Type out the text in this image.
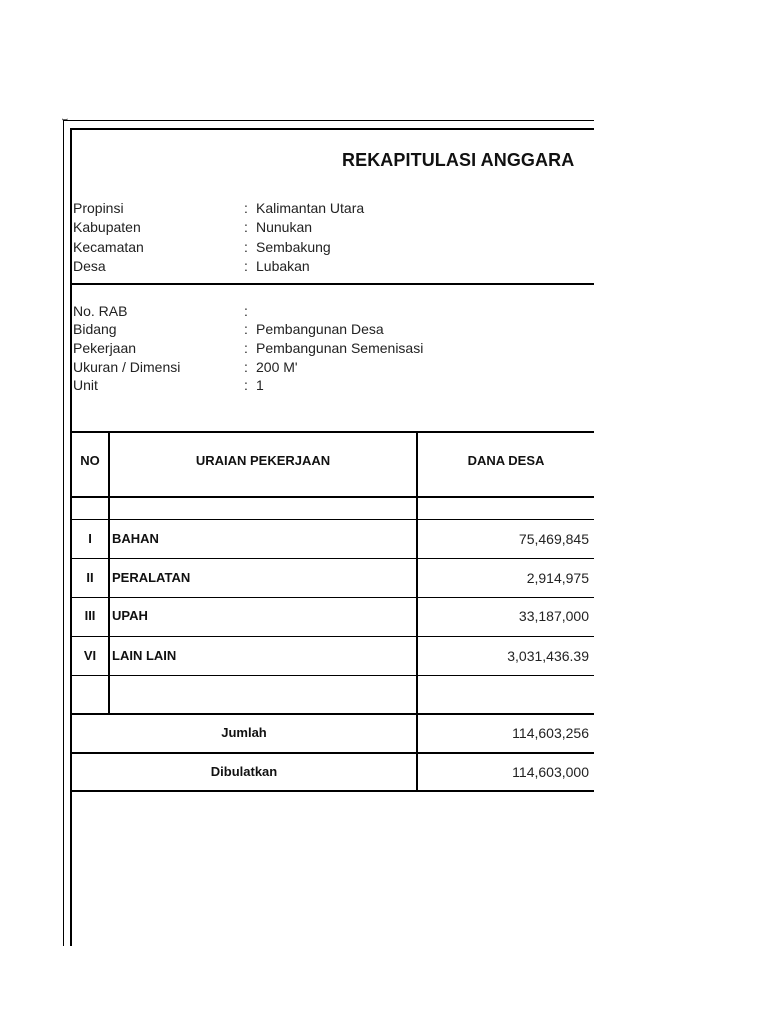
ꟷ
REKAPITULASI ANGGARA
Propinsi	: Kalimantan Utara
Kabupaten	: Nunukan
Kecamatan	: Sembakung
Desa	: Lubakan
No. RAB	:
Bidang	: Pembangunan Desa
Pekerjaan	: Pembangunan Semenisasi
Ukuran / Dimensi	: 200 M'
Unit	: 1
NO	URAIAN PEKERJAAN	DANA DESA
I	BAHAN	75,469,845
II	PERALATAN	2,914,975
III	UPAH	33,187,000
VI	LAIN LAIN	3,031,436.39
Jumlah	114,603,256
Dibulatkan	114,603,000
